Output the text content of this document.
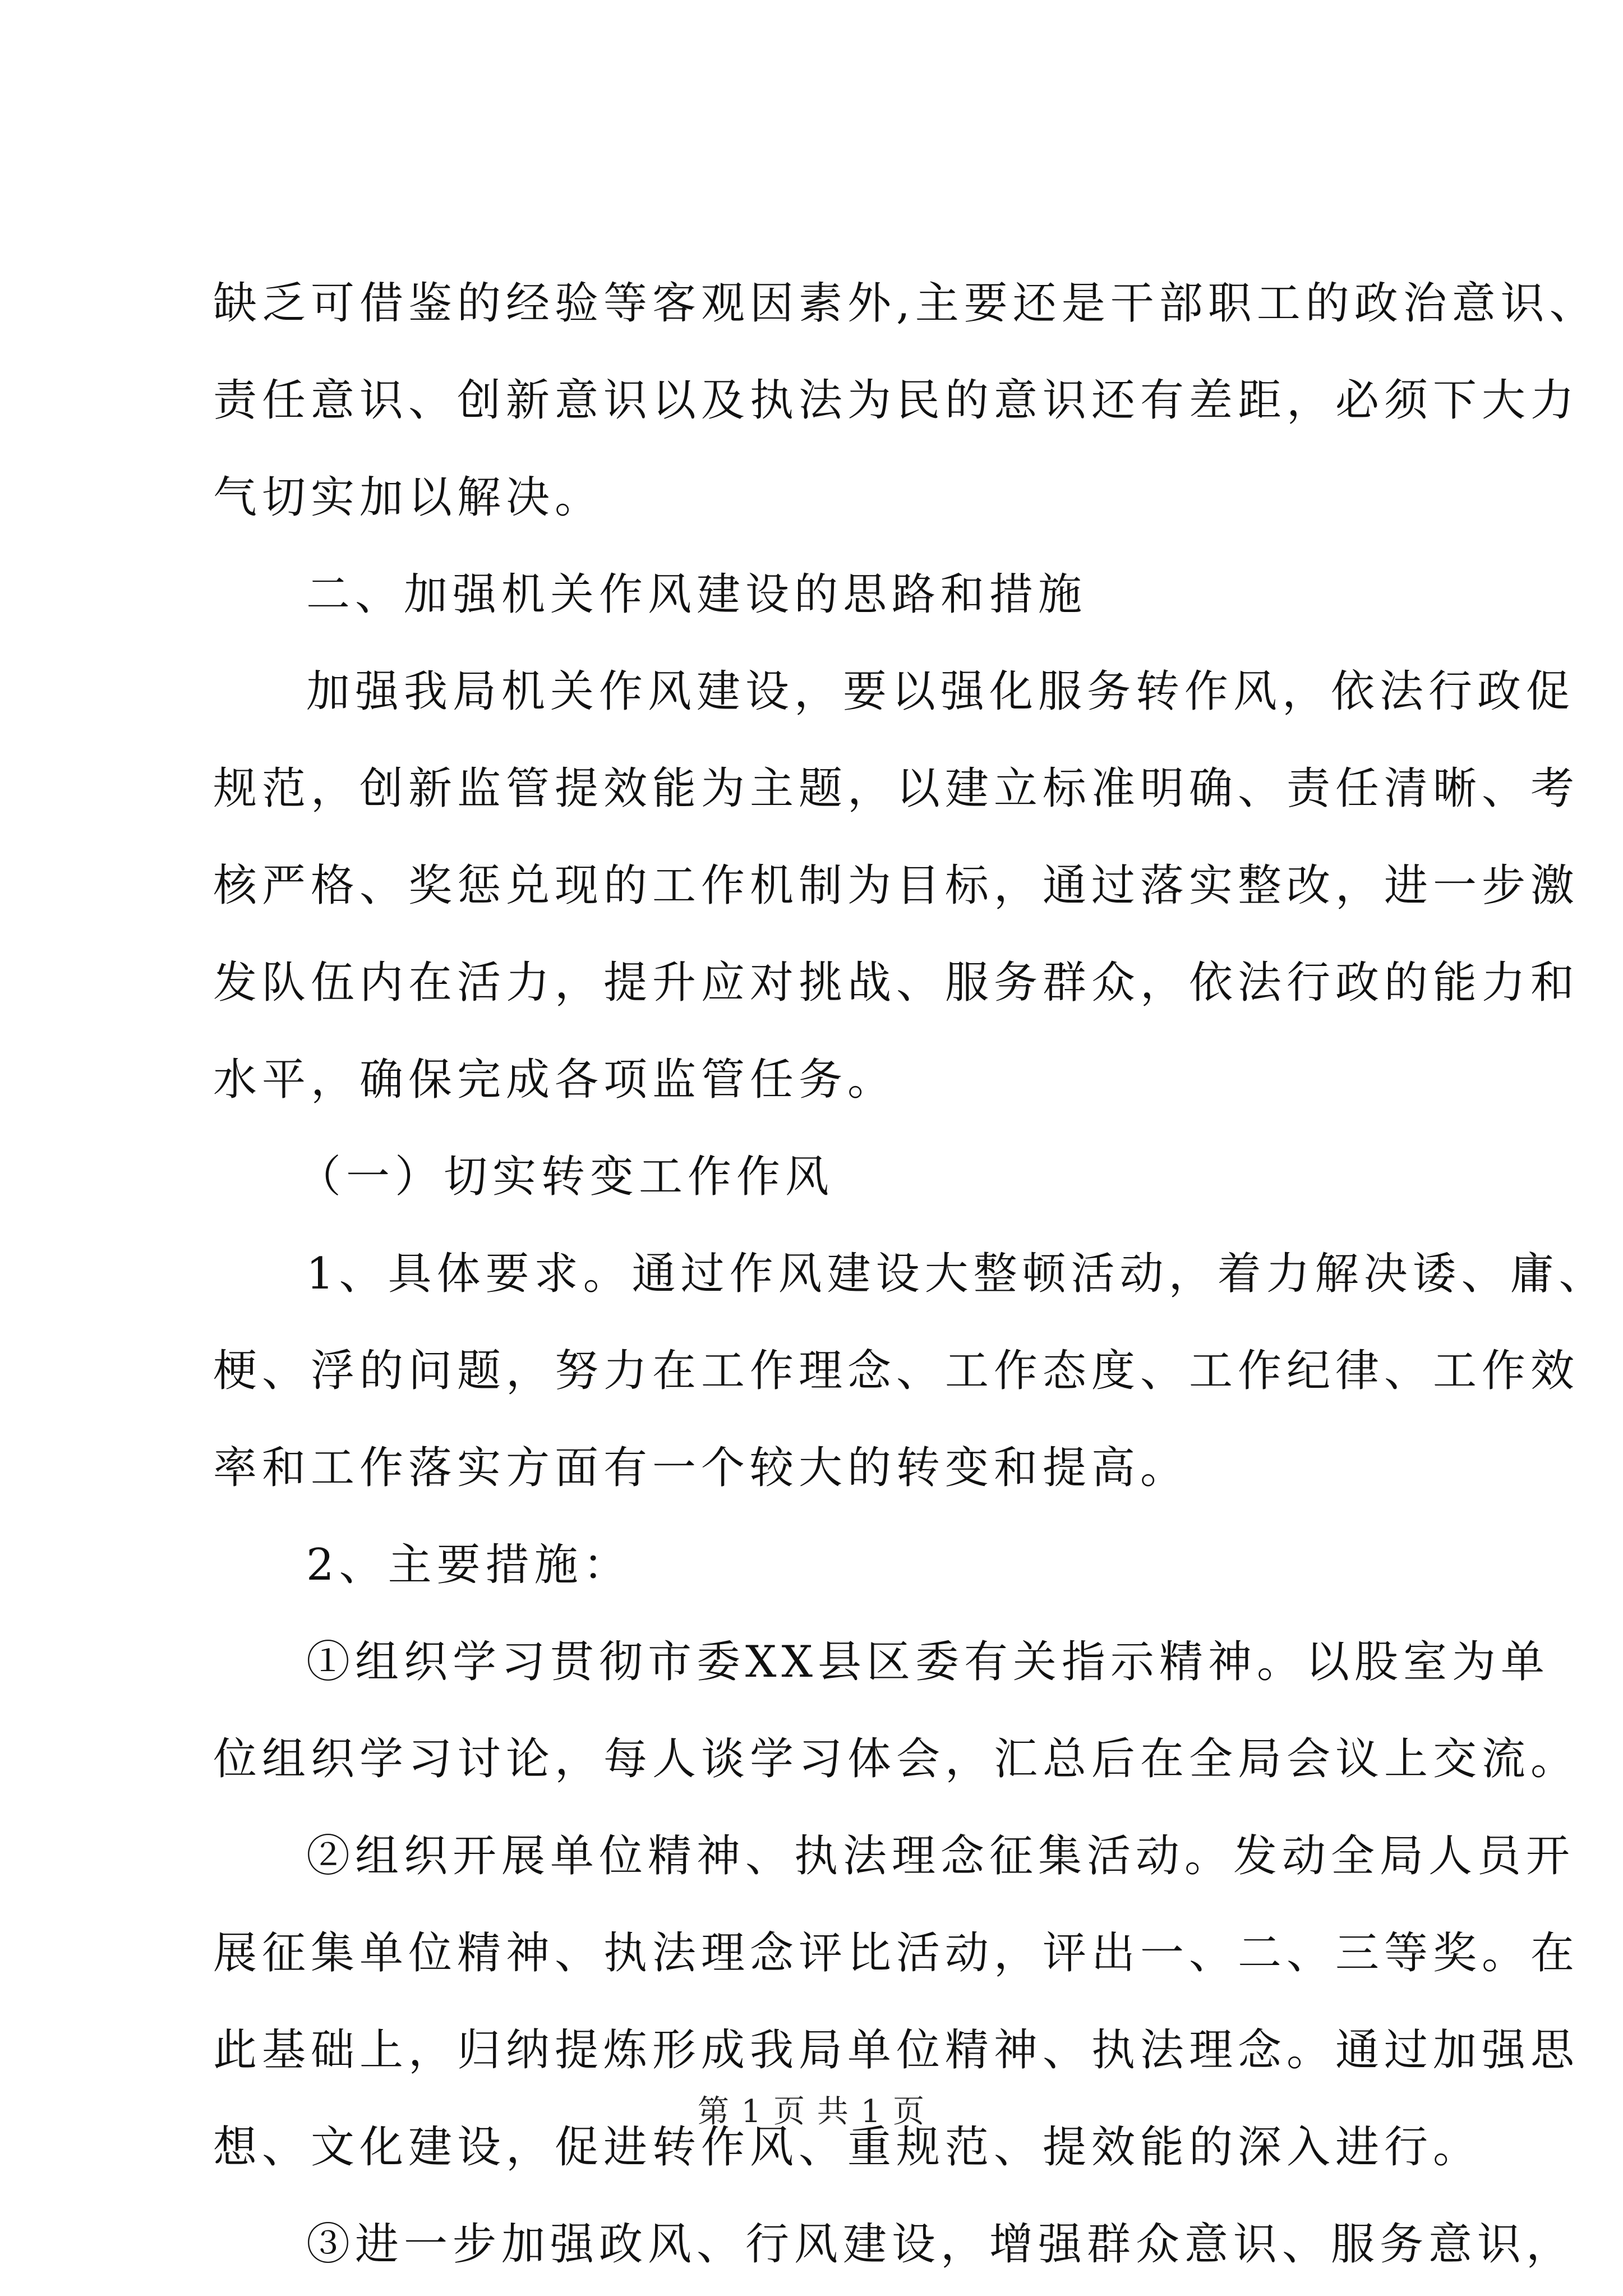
缺乏可借鉴的经验等客观因素外,主要还是干部职工的政治意识、
责任意识、创新意识以及执法为民的意识还有差距，必须下大力
气切实加以解决。
二、加强机关作风建设的思路和措施
加强我局机关作风建设，要以强化服务转作风，依法行政促
规范，创新监管提效能为主题，以建立标准明确、责任清晰、考
核严格、奖惩兑现的工作机制为目标，通过落实整改，进一步激
发队伍内在活力，提升应对挑战、服务群众，依法行政的能力和
水平，确保完成各项监管任务。
（一）切实转变工作作风
1、具体要求。通过作风建设大整顿活动，着力解决诿、庸、
梗、浮的问题，努力在工作理念、工作态度、工作纪律、工作效
率和工作落实方面有一个较大的转变和提高。
2、主要措施：
①组织学习贯彻市委XX县区委有关指示精神。以股室为单
位组织学习讨论，每人谈学习体会，汇总后在全局会议上交流。
②组织开展单位精神、执法理念征集活动。发动全局人员开
展征集单位精神、执法理念评比活动，评出一、二、三等奖。在
此基础上，归纳提炼形成我局单位精神、执法理念。通过加强思
想、文化建设，促进转作风、重规范、提效能的深入进行。
③进一步加强政风、行风建设，增强群众意识、服务意识，
第 1 页 共 1 页
